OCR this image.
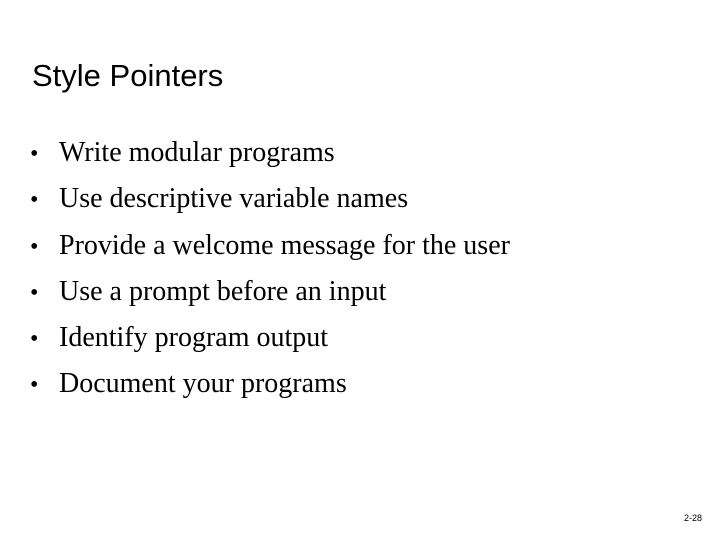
Style Pointers
• Write modular programs
• Use descriptive variable names
• Provide a welcome message for the user
• Use a prompt before an input
• Identify program output
• Document your programs
2-28
